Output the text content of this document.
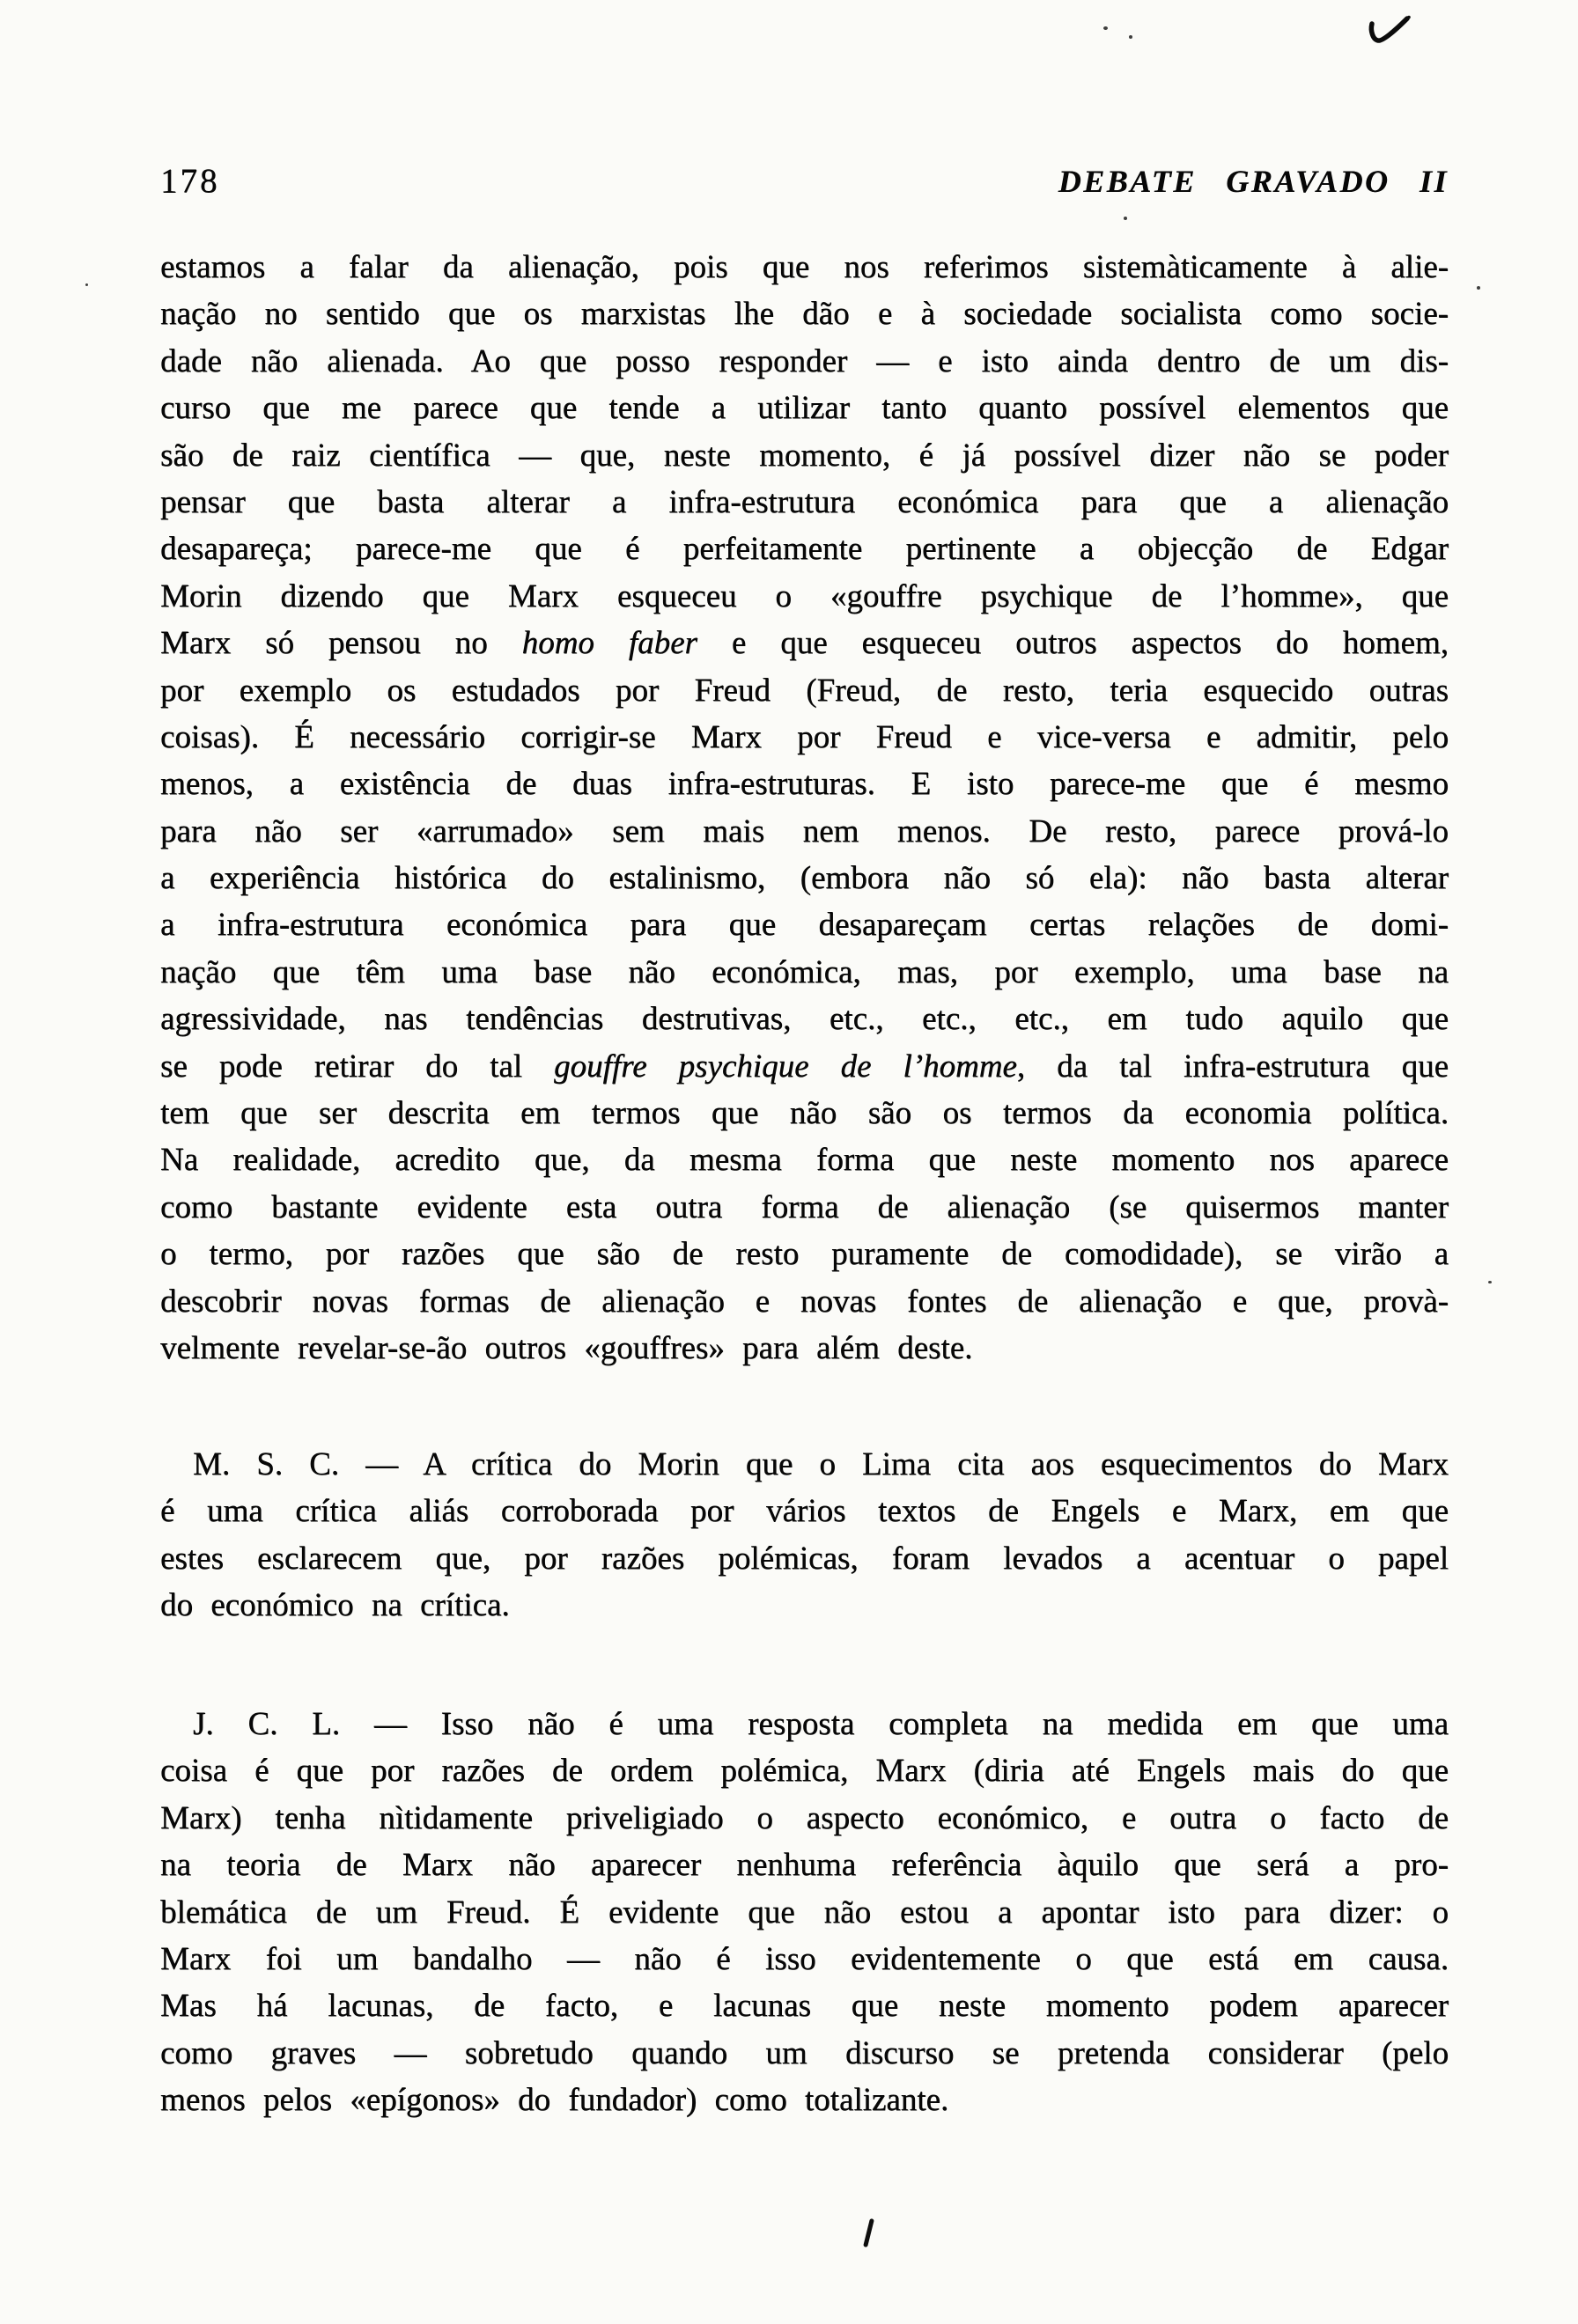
178	DEBATE GRAVADO II
estamos a falar da alienação, pois que nos referimos sistemàticamente à alie-
nação no sentido que os marxistas lhe dão e à sociedade socialista como socie-
dade não alienada. Ao que posso responder — e isto ainda dentro de um dis-
curso que me parece que tende a utilizar tanto quanto possível elementos que
são de raiz científica — que, neste momento, é já possível dizer não se poder
pensar que basta alterar a infra-estrutura económica para que a alienação
desapareça; parece-me que é perfeitamente pertinente a objecção de Edgar
Morin dizendo que Marx esqueceu o «gouffre psychique de l’homme», que
Marx só pensou no homo faber e que esqueceu outros aspectos do homem,
por exemplo os estudados por Freud (Freud, de resto, teria esquecido outras
coisas). É necessário corrigir-se Marx por Freud e vice-versa e admitir, pelo
menos, a existência de duas infra-estruturas. E isto parece-me que é mesmo
para não ser «arrumado» sem mais nem menos. De resto, parece prová-lo
a experiência histórica do estalinismo, (embora não só ela): não basta alterar
a infra-estrutura económica para que desapareçam certas relações de domi-
nação que têm uma base não económica, mas, por exemplo, uma base na
agressividade, nas tendências destrutivas, etc., etc., etc., em tudo aquilo que
se pode retirar do tal gouffre psychique de l’homme, da tal infra-estrutura que
tem que ser descrita em termos que não são os termos da economia política.
Na realidade, acredito que, da mesma forma que neste momento nos aparece
como bastante evidente esta outra forma de alienação (se quisermos manter
o termo, por razões que são de resto puramente de comodidade), se virão a
descobrir novas formas de alienação e novas fontes de alienação e que, provà-
velmente revelar-se-ão outros «gouffres» para além deste.
M. S. C. — A crítica do Morin que o Lima cita aos esquecimentos do Marx
é uma crítica aliás corroborada por vários textos de Engels e Marx, em que
estes esclarecem que, por razões polémicas, foram levados a acentuar o papel
do económico na crítica.
J. C. L. — Isso não é uma resposta completa na medida em que uma
coisa é que por razões de ordem polémica, Marx (diria até Engels mais do que
Marx) tenha nìtidamente priveligiado o aspecto económico, e outra o facto de
na teoria de Marx não aparecer nenhuma referência àquilo que será a pro-
blemática de um Freud. É evidente que não estou a apontar isto para dizer: o
Marx foi um bandalho — não é isso evidentemente o que está em causa.
Mas há lacunas, de facto, e lacunas que neste momento podem aparecer
como graves — sobretudo quando um discurso se pretenda considerar (pelo
menos pelos «epígonos» do fundador) como totalizante.
